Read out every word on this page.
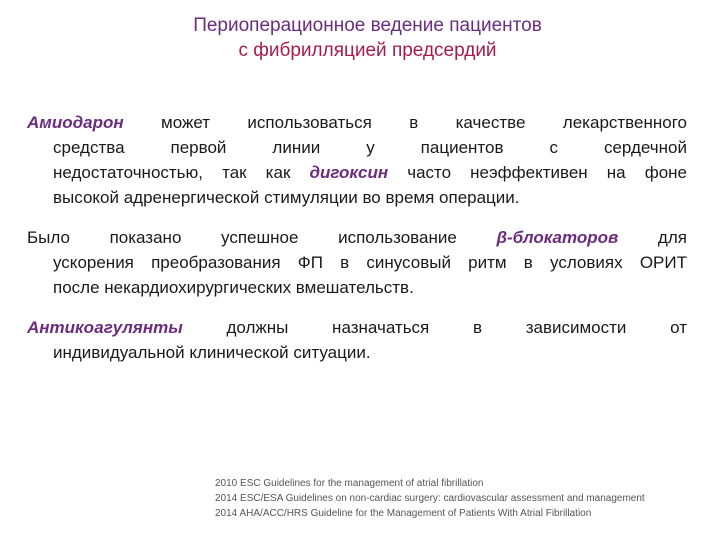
Периоперационное ведение пациентов
с фибрилляцией предсердий
Амиодарон может использоваться в качестве лекарственного
средства первой линии у пациентов с сердечной
недостаточностью, так как дигоксин часто неэффективен на фоне
высокой адренергической стимуляции во время операции.
Было показано успешное использование β-блокаторов для
ускорения преобразования ФП в синусовый ритм в условиях ОРИТ
после некардиохирургических вмешательств.
Антикоагулянты должны назначаться в зависимости от
индивидуальной клинической ситуации.
2010 ESC Guidelines for the management of atrial fibrillation
2014 ESC/ESA Guidelines on non-cardiac surgery: cardiovascular assessment and management
2014 AHA/ACC/HRS Guideline for the Management of Patients With Atrial Fibrillation
